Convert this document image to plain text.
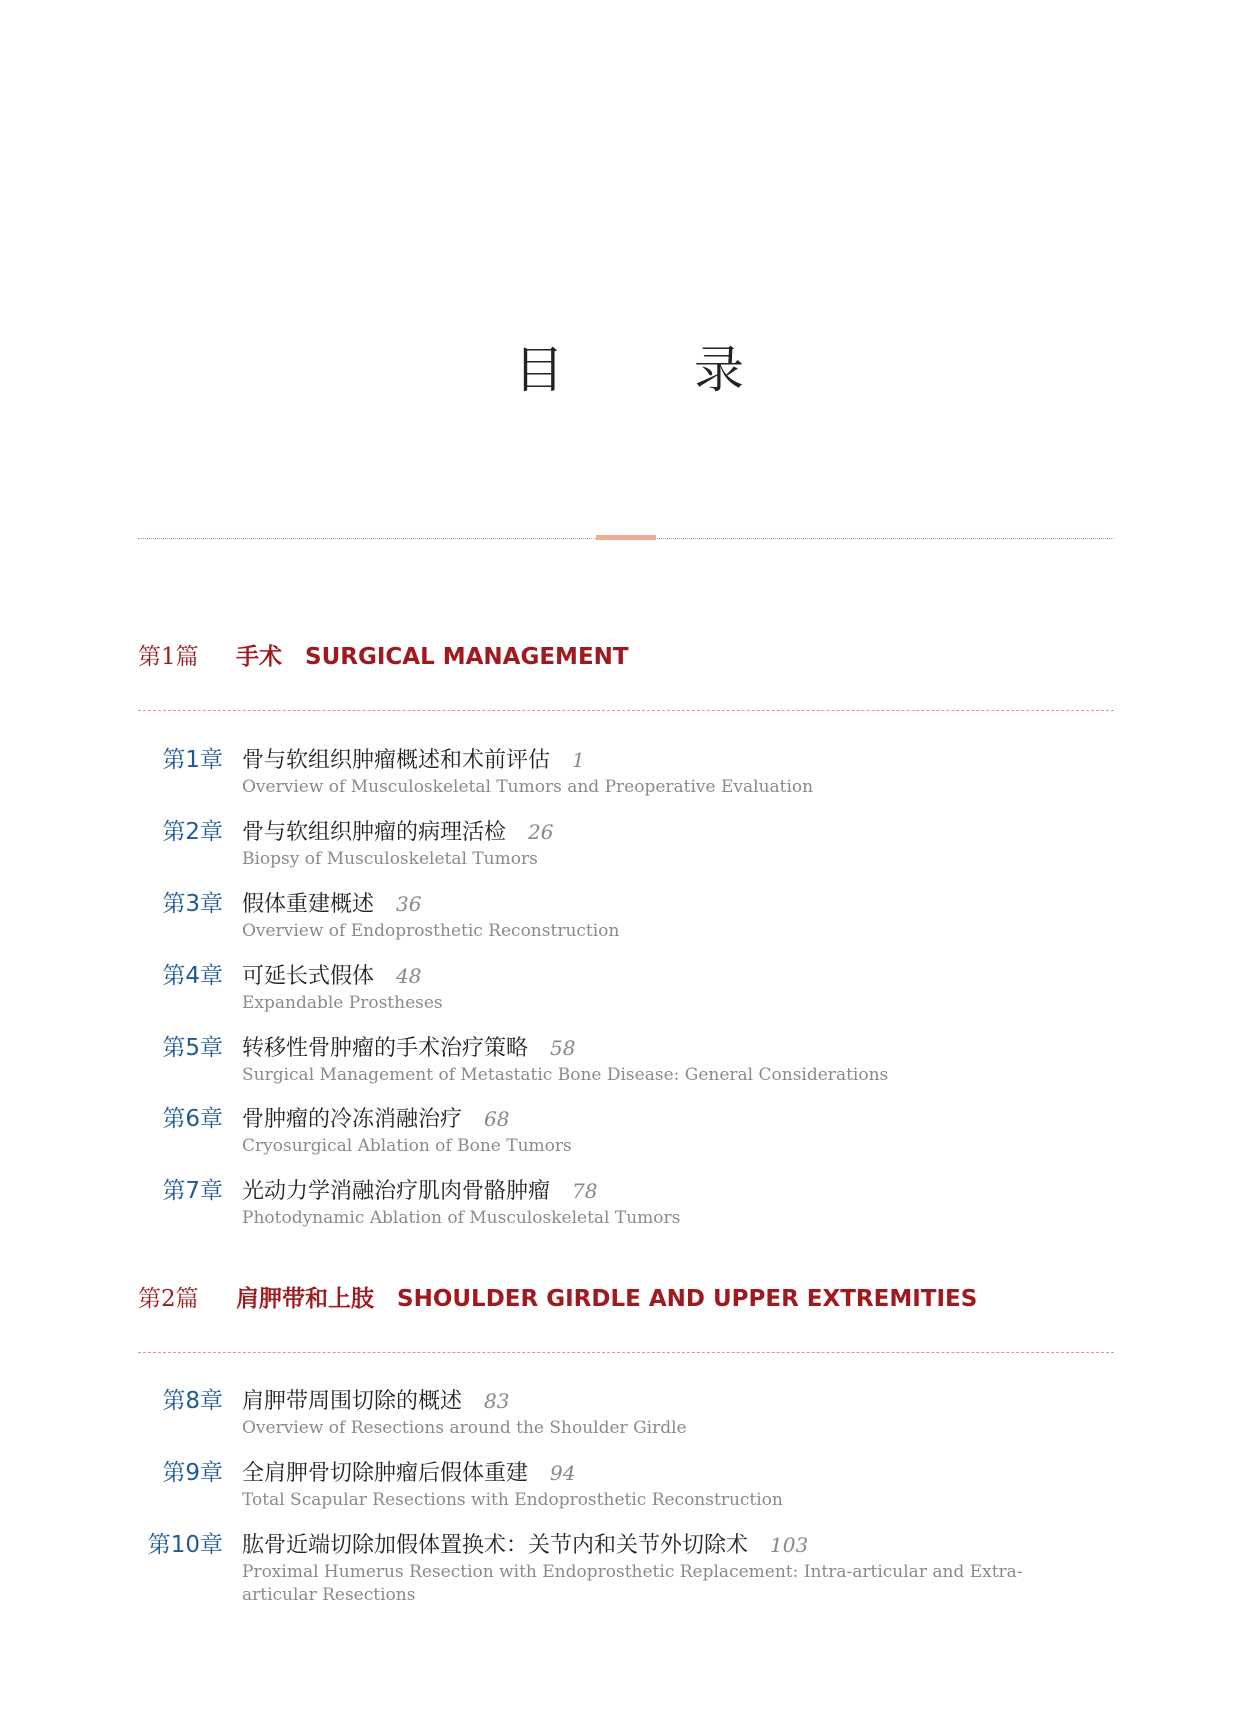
目　录
第1篇 手术　SURGICAL MANAGEMENT
第1章 骨与软组织肿瘤概述和术前评估 1
Overview of Musculoskeletal Tumors and Preoperative Evaluation
第2章 骨与软组织肿瘤的病理活检 26
Biopsy of Musculoskeletal Tumors
第3章 假体重建概述 36
Overview of Endoprosthetic Reconstruction
第4章 可延长式假体 48
Expandable Prostheses
第5章 转移性骨肿瘤的手术治疗策略 58
Surgical Management of Metastatic Bone Disease: General Considerations
第6章 骨肿瘤的冷冻消融治疗 68
Cryosurgical Ablation of Bone Tumors
第7章 光动力学消融治疗肌肉骨骼肿瘤 78
Photodynamic Ablation of Musculoskeletal Tumors
第2篇 肩胛带和上肢　SHOULDER GIRDLE AND UPPER EXTREMITIES
第8章 肩胛带周围切除的概述 83
Overview of Resections around the Shoulder Girdle
第9章 全肩胛骨切除肿瘤后假体重建 94
Total Scapular Resections with Endoprosthetic Reconstruction
第10章 肱骨近端切除加假体置换术：关节内和关节外切除术 103
Proximal Humerus Resection with Endoprosthetic Replacement: Intra-articular and Extra-articular Resections
